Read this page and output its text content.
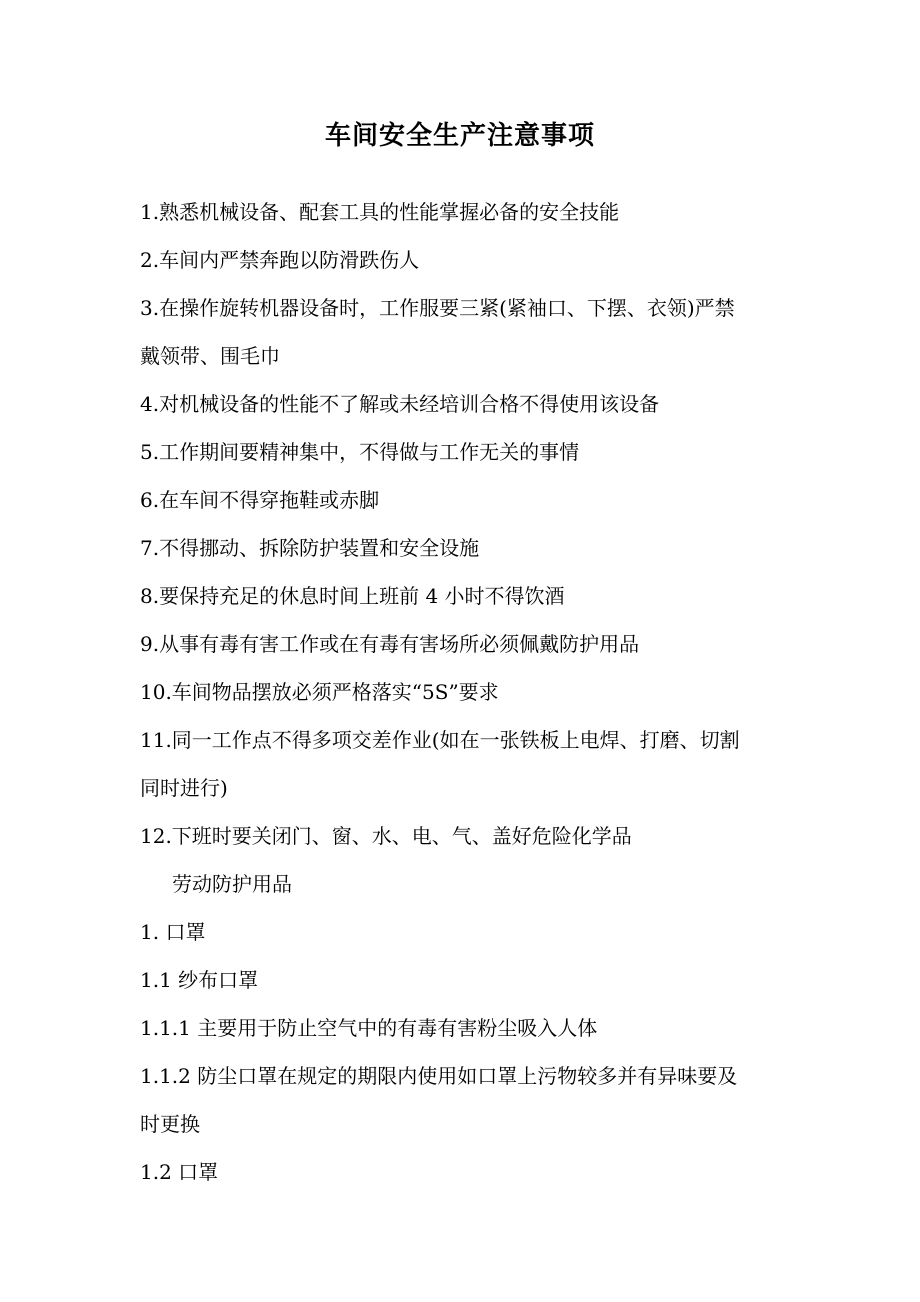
车间安全生产注意事项
1.熟悉机械设备、配套工具的性能掌握必备的安全技能
2.车间内严禁奔跑以防滑跌伤人
3.在操作旋转机器设备时，工作服要三紧(紧袖口、下摆、衣领)严禁
戴领带、围毛巾
4.对机械设备的性能不了解或未经培训合格不得使用该设备
5.工作期间要精神集中，不得做与工作无关的事情
6.在车间不得穿拖鞋或赤脚
7.不得挪动、拆除防护装置和安全设施
8.要保持充足的休息时间上班前 4 小时不得饮酒
9.从事有毒有害工作或在有毒有害场所必须佩戴防护用品
10.车间物品摆放必须严格落实“5S”要求
11.同一工作点不得多项交差作业(如在一张铁板上电焊、打磨、切割
同时进行)
12.下班时要关闭门、窗、水、电、气、盖好危险化学品
劳动防护用品
1. 口罩
1.1 纱布口罩
1.1.1 主要用于防止空气中的有毒有害粉尘吸入人体
1.1.2 防尘口罩在规定的期限内使用如口罩上污物较多并有异味要及
时更换
1.2 口罩
